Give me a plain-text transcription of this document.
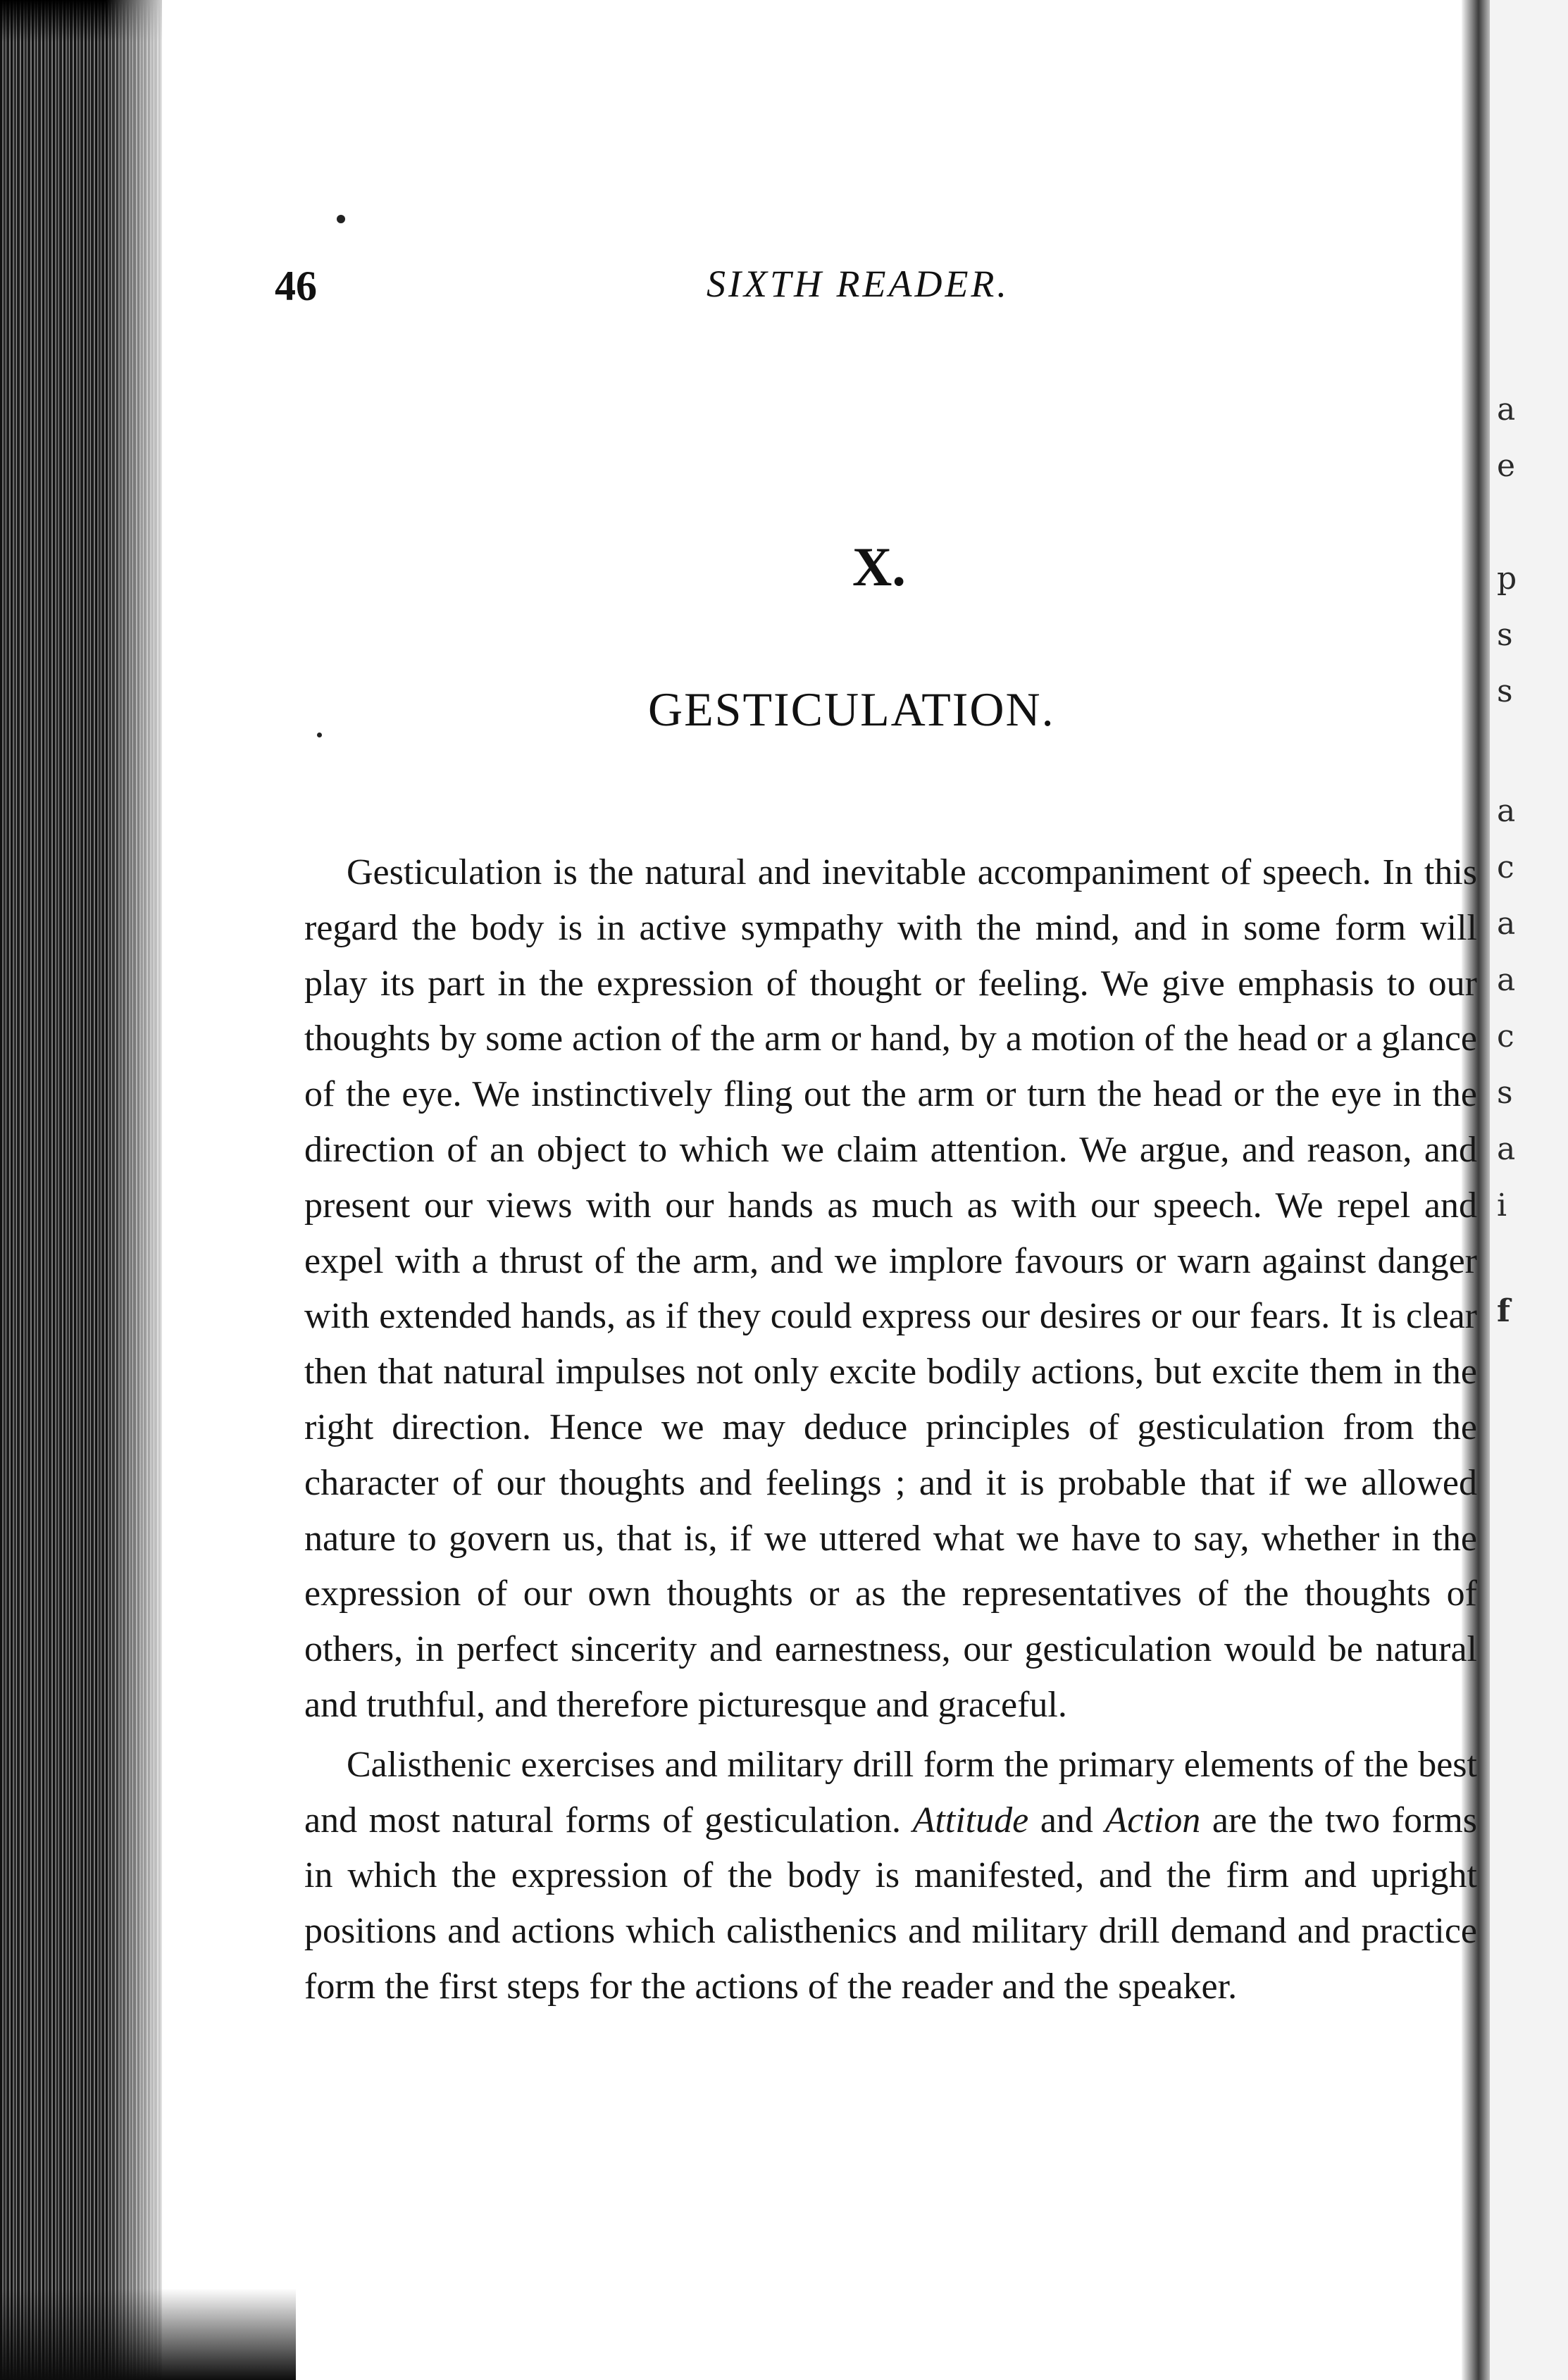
a
e
p
s
s
a
c
a
a
c
s
a
i
f
46	SIXTH READER.
X.
GESTICULATION.

Gesticulation is the natural and inevitable accompaniment of speech. In this regard the body is in active sympathy with the mind, and in some form will play its part in the expression of thought or feeling. We give emphasis to our thoughts by some action of the arm or hand, by a motion of the head or a glance of the eye. We instinctively fling out the arm or turn the head or the eye in the direction of an object to which we claim attention. We argue, and reason, and present our views with our hands as much as with our speech. We repel and expel with a thrust of the arm, and we implore favours or warn against danger with extended hands, as if they could express our desires or our fears. It is clear then that natural impulses not only excite bodily actions, but excite them in the right direction. Hence we may deduce principles of gesticulation from the character of our thoughts and feelings ; and it is probable that if we allowed nature to govern us, that is, if we uttered what we have to say, whether in the expression of our own thoughts or as the representatives of the thoughts of others, in perfect sincerity and earnestness, our gesticulation would be natural and truthful, and therefore picturesque and graceful.

Calisthenic exercises and military drill form the primary elements of the best and most natural forms of gesticulation. Attitude and Action are the two forms in which the expression of the body is manifested, and the firm and upright positions and actions which calisthenics and military drill demand and practice form the first steps for the actions of the reader and the speaker.
